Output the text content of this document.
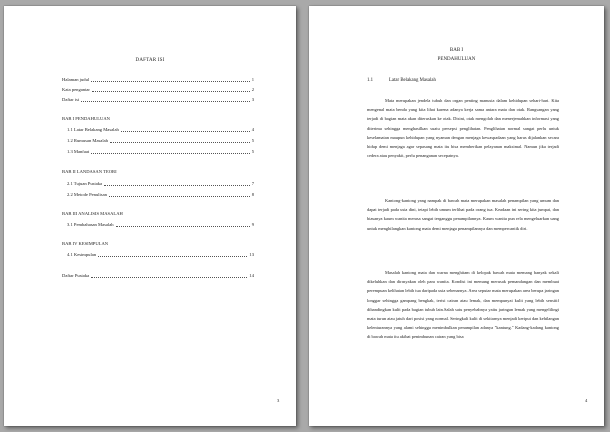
DAFTAR ISI
Halaman judul	1
Kata pengantar	2
Daftar isi	3
BAB I PENDAHULUAN
1.1 Latar Belakang Masalah	4
1.2 Rumusan Masalah	5
1.3 Manfaat	5
BAB II LANDASAN TEORI
2.1 Tujuan Pustaka	7
2.2 Metode Penulisan	8
BAB III ANALISIS MASALAH
3.1 Pembahasan Masalah	9
BAB IV KESIMPULAN
4.1 Kesimpulan	13
Daftar Pustaka	14
3
BAB I
PENDAHULUAN
1.1	Latar Belakang Masalah
Mata merupakan jendela tubuh dan organ penting manusia dalam kehidupan sehari-hari. Kita mengenal mata benda yang kita lihat karena adanya kerja sama antara mata dan otak. Rangsangan yang terjadi di bagian mata akan diteruskan ke otak. Disini, otak mengolah dan menerjemahkan informasi yang diterima sehingga menghasilkan suatu persepsi penglihatan. Penglihatan normal sangat perlu untuk keselamatan maupun kehidupan yang nyaman dengan menjaga kewaspadaan yang harus dijalankan secara hidup demi menjaga agar sepasang mata itu bisa memberikan pelayanan maksimal. Namun jika terjadi cedera atau penyakit, perlu penanganan secepatnya.
Kantong-kantong yang nampak di bawah mata merupakan masalah penampilan yang umum dan dapat terjadi pada usia dini, tetapi lebih umum terlihat pada orang tua. Keadaan ini sering kita jumpai, dan biasanya kaum wanita merasa sangat terganggu penampilannya. Kaum wanita pun rela mengeluarkan uang untuk menghilangkan kantong mata demi menjaga penampilannya dan mempercantik diri.
Masalah kantong mata dan warna menghitam di kelopak bawah mata memang banyak sekali dikeluhkan dan dirasyakan oleh para wanita. Kondisi ini memang merusak pemandangan dan membuat perempuan kelihatan lebih tua daripada usia sebenarnya. Area seputar mata merupakan area berupa jaringan longgar sehingga gampang bengkak, terisi cairan atau lemak, dan mempunyai kulit yang lebih sensitif dibandingkan kulit pada bagian tubuh lain.Salah satu penyebabnya yaitu jaringan lemak yang mengelilingi mata turun atau jatuh dari posisi yang normal. Seringkali kulit di sekitarnya menjadi keriput dan kehilangan kelenturannya yang alami sehingga menimbulkan penampilan adanya "kantung." Kadang-kadang kantong di bawah mata itu akibat penimbunan cairan yang bisa
4
